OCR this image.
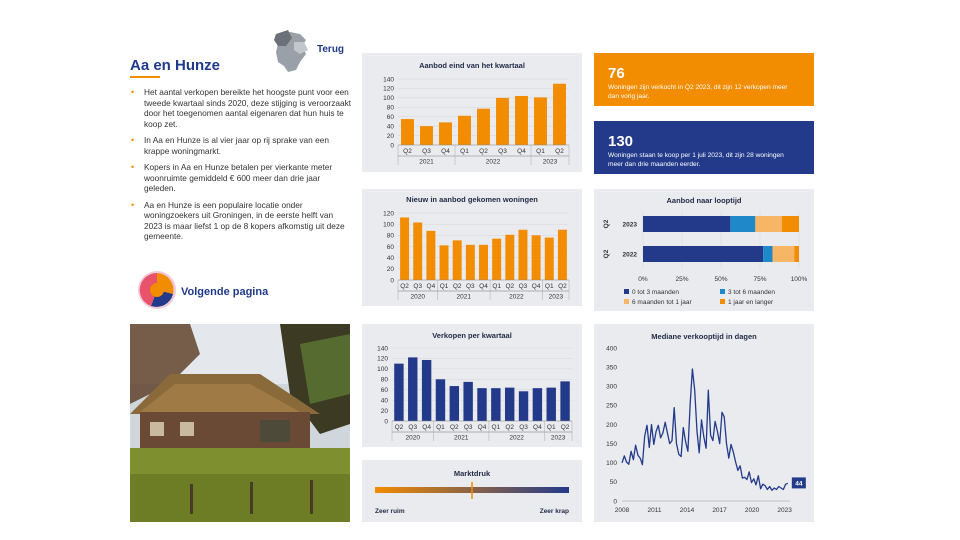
Aa en Hunze
Terug
• Het aantal verkopen bereikte het hoogste punt voor een tweede kwartaal sinds 2020, deze stijging is veroorzaakt door het toegenomen aantal eigenaren dat hun huis te koop zet.
• In Aa en Hunze is al vier jaar op rij sprake van een krappe woningmarkt.
• Kopers in Aa en Hunze betalen per vierkante meter woonruimte gemiddeld € 600 meer dan drie jaar geleden.
• Aa en Hunze is een populaire locatie onder woningzoekers uit Groningen, in de eerste helft van 2023 is maar liefst 1 op de 8 kopers afkomstig uit deze gemeente.
Volgende pagina
Aanbod eind van het kwartaal
0
20
40
60
80
100
120
140
Q2 Q3 Q4 Q1 Q2 Q3 Q4 Q1 Q2
2021	2022	2023
Nieuw in aanbod gekomen woningen
0
20
40
60
80
100
120
Q2 Q3 Q4 Q1 Q2 Q3 Q4 Q1 Q2 Q3 Q4 Q1 Q2
2020	2021	2022	2023
Verkopen per kwartaal
0
20
40
60
80
100
120
140
Q2 Q3 Q4 Q1 Q2 Q3 Q4 Q1 Q2 Q3 Q4 Q1 Q2
2020	2021	2022	2023
Marktdruk
Zeer ruim	Zeer krap
76
Woningen zijn verkocht in Q2 2023, dit zijn 12 verkopen meer dan vorig jaar.
130
Woningen staan te koop per 1 juli 2023, dit zijn 28 woningen meer dan drie maanden eerder.
Aanbod naar looptijd
0%	25%	50%	75%	100%
2023
Q2
2022
Q2
0 tot 3 maanden	3 tot 6 maanden
6 maanden tot 1 jaar	1 jaar en langer
Mediane verkooptijd in dagen
0
50
100
150
200
250
300
350
400
2008	2011	2014	2017	2020	2023
44
